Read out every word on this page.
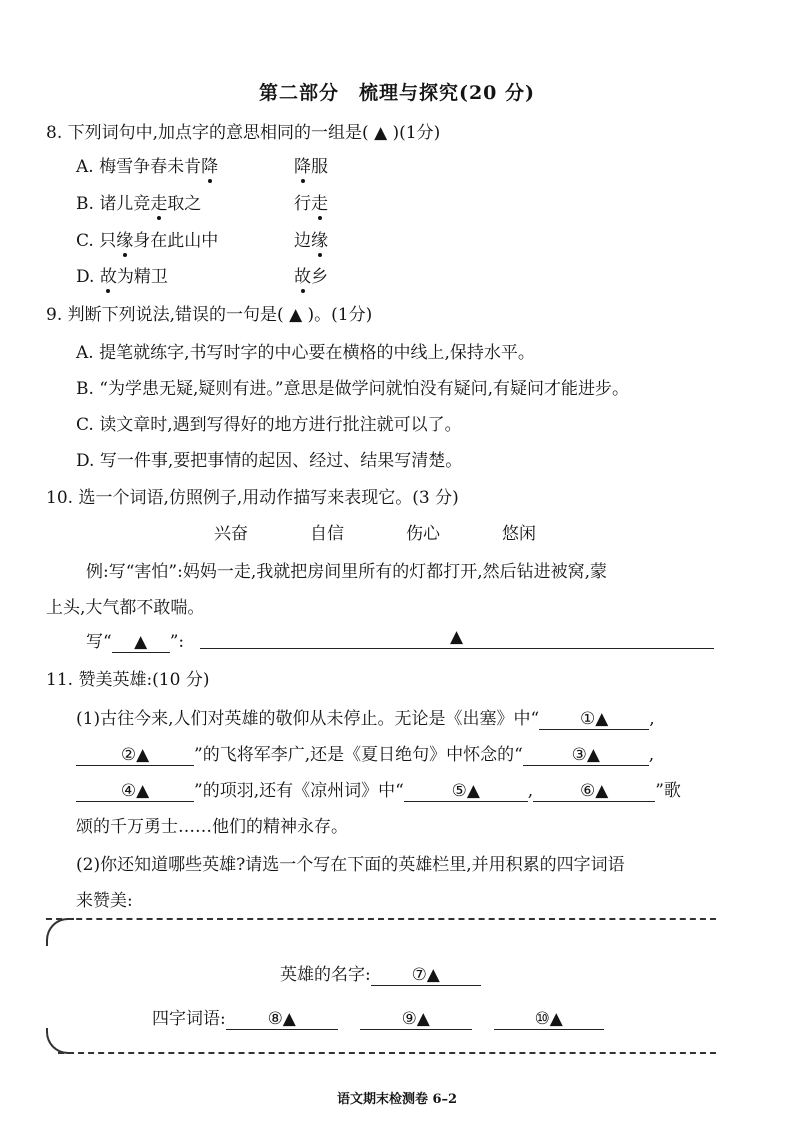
第二部分　梳理与探究(20 分)
8. 下列词句中,加点字的意思相同的一组是( ▲ )(1分)
A. 梅雪争春未肯降	降服
B. 诸儿竞走取之	行走
C. 只缘身在此山中	边缘
D. 故为精卫	故乡
9. 判断下列说法,错误的一句是( ▲ )。(1分)
A. 提笔就练字,书写时字的中心要在横格的中线上,保持水平。
B. “为学患无疑,疑则有进。”意思是做学问就怕没有疑问,有疑问才能进步。
C. 读文章时,遇到写得好的地方进行批注就可以了。
D. 写一件事,要把事情的起因、经过、结果写清楚。
10. 选一个词语,仿照例子,用动作描写来表现它。(3 分)
兴奋	自信	伤心	悠闲
例:写“害怕”:妈妈一走,我就把房间里所有的灯都打开,然后钻进被窝,蒙
上头,大气都不敢喘。
写“ ▲ ”:	▲
11. 赞美英雄:(10 分)
(1)古往今来,人们对英雄的敬仰从未停止。无论是《出塞》中“ ①▲ ,
②▲	”的飞将军李广,还是《夏日绝句》中怀念的“	③▲	,
④▲	”的项羽,还有《凉州词》中“	⑤▲	,	⑥▲	”歌
颂的千万勇士……他们的精神永存。
(2)你还知道哪些英雄?请选一个写在下面的英雄栏里,并用积累的四字词语
来赞美:
英雄的名字: ⑦▲
四字词语: ⑧▲	⑨▲	⑩▲
语文期末检测卷 6–2
